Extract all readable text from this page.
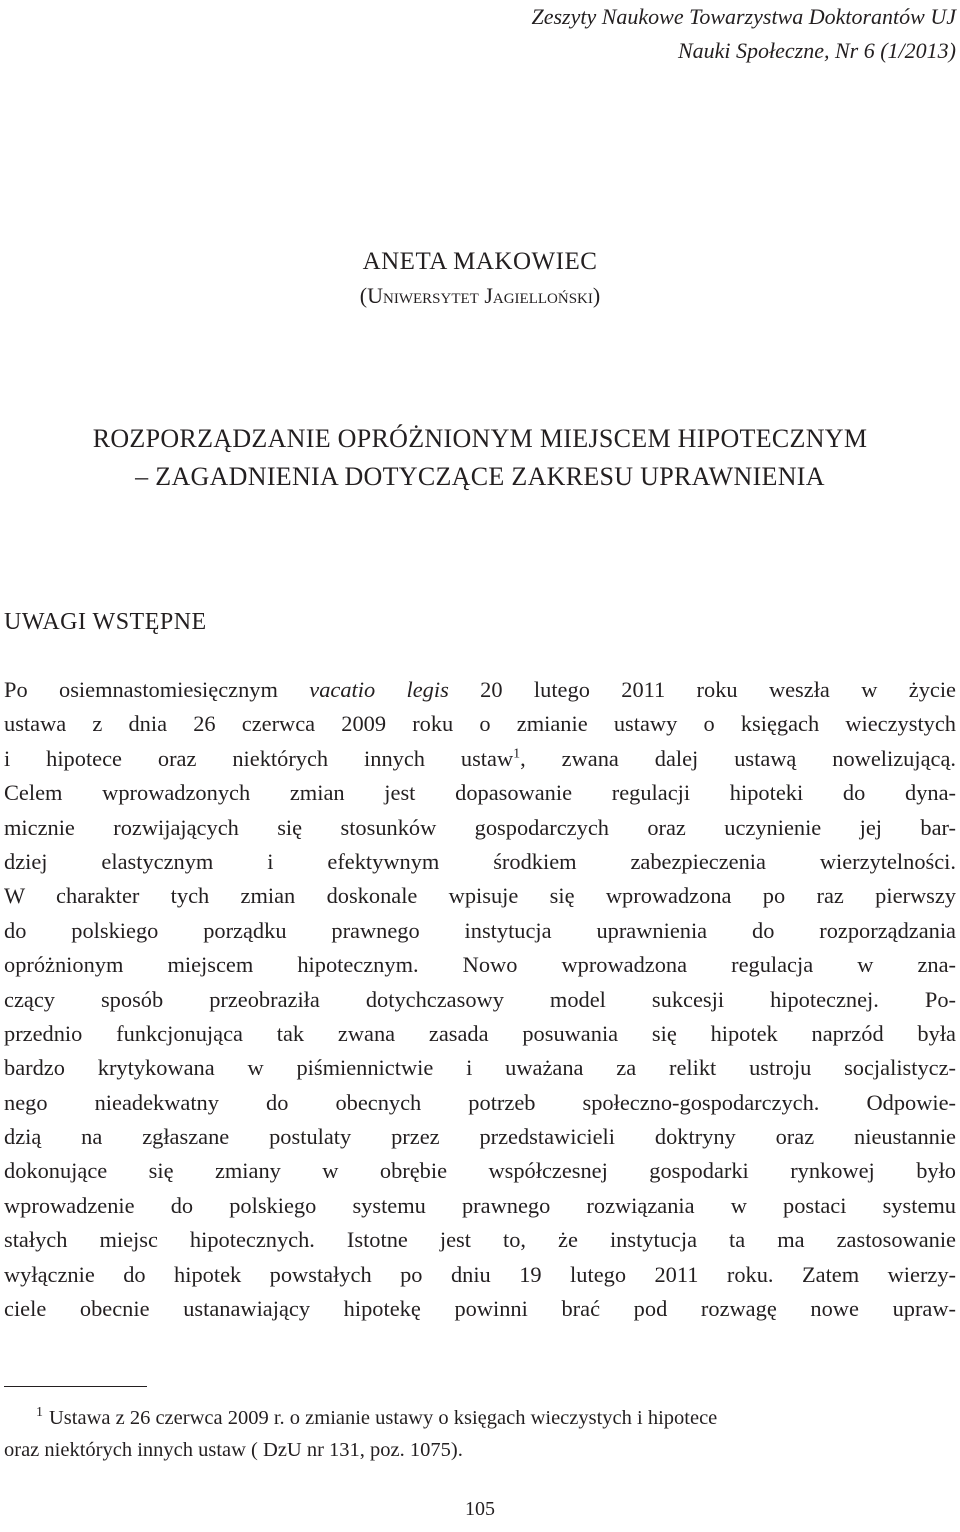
Zeszyty Naukowe Towarzystwa Doktorantów UJ
Nauki Społeczne, Nr 6 (1/2013)
ANETA MAKOWIEC
(Uniwersytet Jagielloński)
ROZPORZĄDZANIE OPRÓŻNIONYM MIEJSCEM HIPOTECZNYM
– ZAGADNIENIA DOTYCZĄCE ZAKRESU UPRAWNIENIA
UWAGI WSTĘPNE
Po osiemnastomiesięcznym vacatio legis 20 lutego 2011 roku weszła w życie
ustawa z dnia 26 czerwca 2009 roku o zmianie ustawy o księgach wieczystych
i hipotece oraz niektórych innych ustaw$^1$, zwana dalej ustawą nowelizującą.
Celem wprowadzonych zmian jest dopasowanie regulacji hipoteki do dyna-
micznie rozwijających się stosunków gospodarczych oraz uczynienie jej bar-
dziej elastycznym i efektywnym środkiem zabezpieczenia wierzytelności.
W charakter tych zmian doskonale wpisuje się wprowadzona po raz pierwszy
do polskiego porządku prawnego instytucja uprawnienia do rozporządzania
opróżnionym miejscem hipotecznym. Nowo wprowadzona regulacja w zna-
czący sposób przeobraziła dotychczasowy model sukcesji hipotecznej. Po-
przednio funkcjonująca tak zwana zasada posuwania się hipotek naprzód była
bardzo krytykowana w piśmiennictwie i uważana za relikt ustroju socjalistycz-
nego nieadekwatny do obecnych potrzeb społeczno-gospodarczych. Odpowie-
dzią na zgłaszane postulaty przez przedstawicieli doktryny oraz nieustannie
dokonujące się zmiany w obrębie współczesnej gospodarki rynkowej było
wprowadzenie do polskiego systemu prawnego rozwiązania w postaci systemu
stałych miejsc hipotecznych. Istotne jest to, że instytucja ta ma zastosowanie
wyłącznie do hipotek powstałych po dniu 19 lutego 2011 roku. Zatem wierzy-
ciele obecnie ustanawiający hipotekę powinni brać pod rozwagę nowe upraw-
$^1$ Ustawa z 26 czerwca 2009 r. o zmianie ustawy o księgach wieczystych i hipotece
oraz niektórych innych ustaw ( DzU nr 131, poz. 1075).
105
